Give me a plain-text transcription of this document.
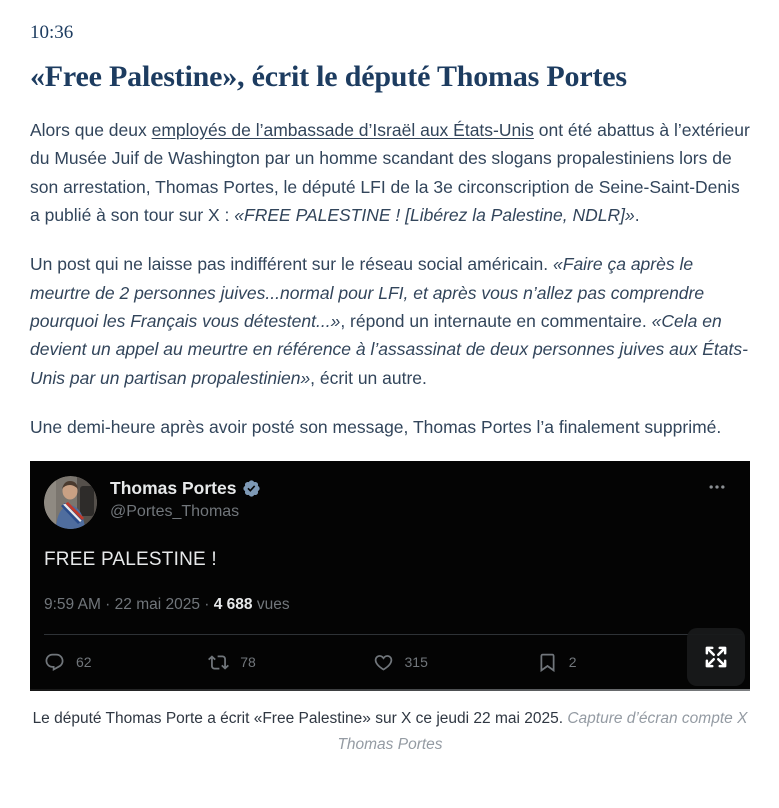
10:36
«Free Palestine», écrit le député Thomas Portes

Alors que deux employés de l’ambassade d’Israël aux États-Unis ont été abattus à l’extérieur du Musée Juif de Washington par un homme scandant des slogans propalestiniens lors de son arrestation, Thomas Portes, le député LFI de la 3e circonscription de Seine-Saint-Denis a publié à son tour sur X : «FREE PALESTINE ! [Libérez la Palestine, NDLR]».

Un post qui ne laisse pas indifférent sur le réseau social américain. «Faire ça après le meurtre de 2 personnes juives...normal pour LFI, et après vous n’allez pas comprendre pourquoi les Français vous détestent...», répond un internaute en commentaire. «Cela en devient un appel au meurtre en référence à l’assassinat de deux personnes juives aux États-Unis par un partisan propalestinien», écrit un autre.

Une demi-heure après avoir posté son message, Thomas Portes l’a finalement supprimé.

Thomas Portes
@Portes_Thomas
FREE PALESTINE !
9:59 AM · 22 mai 2025 · 4 688 vues
62	78	315	2
Le député Thomas Porte a écrit «Free Palestine» sur X ce jeudi 22 mai 2025. Capture d’écran compte X Thomas Portes
